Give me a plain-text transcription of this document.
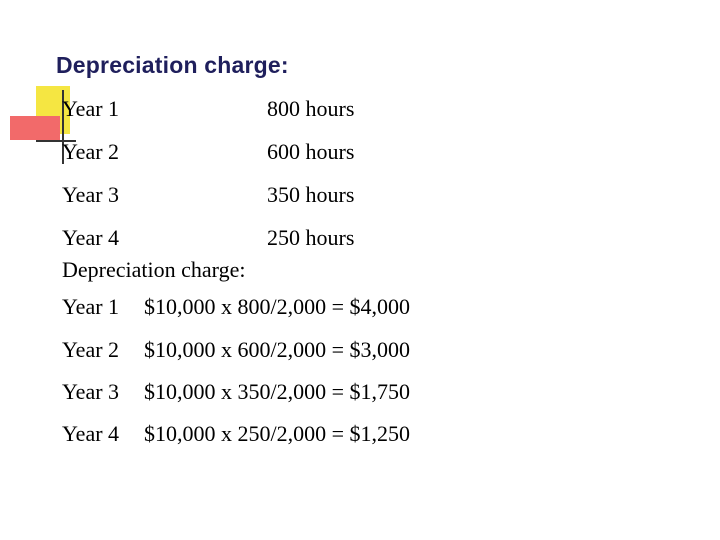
Depreciation charge:
Year 1	800 hours
Year 2	600 hours
Year 3	350 hours
Year 4	250 hours
Depreciation charge:
Year 1 $10,000 x 800/2,000 = $4,000
Year 2 $10,000 x 600/2,000 = $3,000
Year 3 $10,000 x 350/2,000 = $1,750
Year 4 $10,000 x 250/2,000 = $1,250
